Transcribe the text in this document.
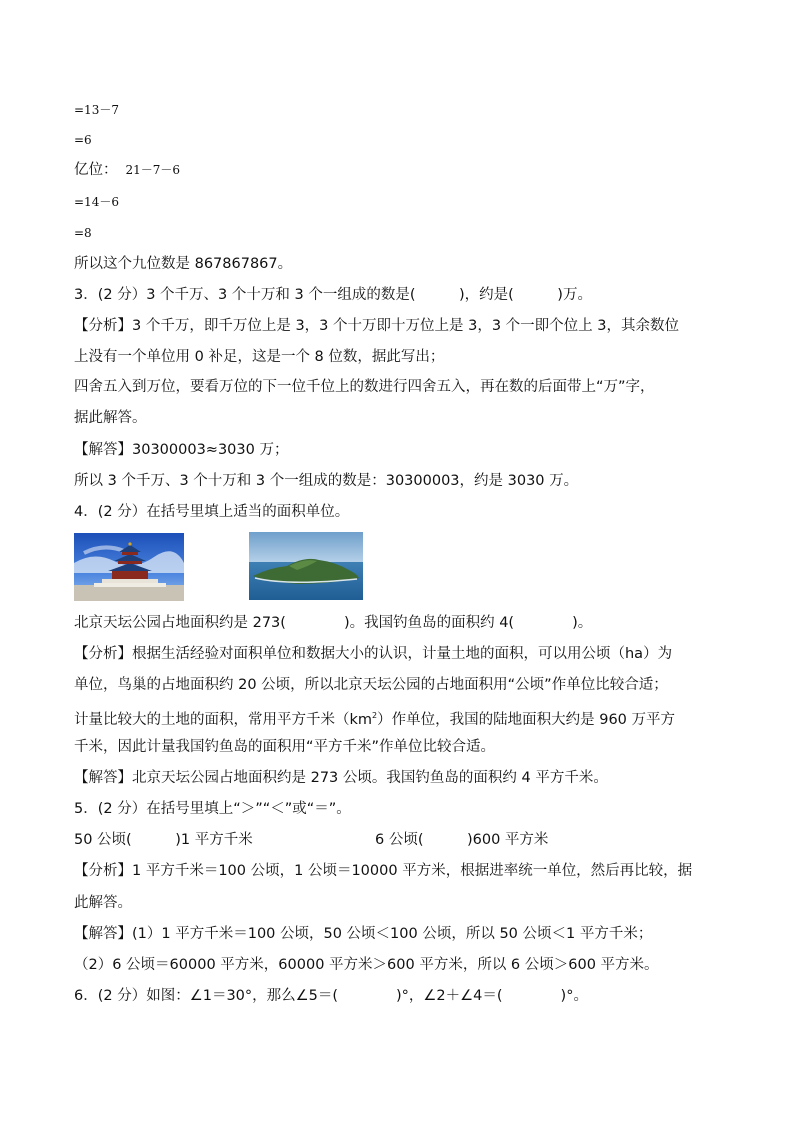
=13－7
=6
亿位： 21－7－6
=14－6
=8
所以这个九位数是 867867867。
3．(2 分）3 个千万、3 个十万和 3 个一组成的数是(　　　)，约是(　　　)万。
【分析】3 个千万，即千万位上是 3，3 个十万即十万位上是 3，3 个一即个位上 3，其余数位
上没有一个单位用 0 补足，这是一个 8 位数，据此写出；
四舍五入到万位，要看万位的下一位千位上的数进行四舍五入，再在数的后面带上“万”字，
据此解答。
【解答】30300003≈3030 万；
所以 3 个千万、3 个十万和 3 个一组成的数是：30300003，约是 3030 万。
4．(2 分）在括号里填上适当的面积单位。
北京天坛公园占地面积约是 273(　　　　)。我国钓鱼岛的面积约 4(　　　　)。
【分析】根据生活经验对面积单位和数据大小的认识，计量土地的面积，可以用公顷（ha）为
单位，鸟巢的占地面积约 20 公顷，所以北京天坛公园的占地面积用“公顷”作单位比较合适；
计量比较大的土地的面积，常用平方千米$(km^2)$作单位，我国的陆地面积大约是 960 万平方
千米，因此计量我国钓鱼岛的面积用“平方千米”作单位比较合适。
【解答】北京天坛公园占地面积约是 273 公顷。我国钓鱼岛的面积约 4 平方千米。
5．(2 分）在括号里填上“＞”“＜”或“＝”。
50 公顷(　　　)1 平方千米	6 公顷(　　　)600 平方米
【分析】1 平方千米＝100 公顷，1 公顷＝10000 平方米，根据进率统一单位，然后再比较，据
此解答。
【解答】(1）1 平方千米＝100 公顷，50 公顷＜100 公顷，所以 50 公顷＜1 平方千米；
（2）6 公顷＝60000 平方米，60000 平方米＞600 平方米，所以 6 公顷＞600 平方米。
6．(2 分）如图：∠1＝30°，那么∠5＝(　　　　)°，∠2＋∠4＝(　　　　)°。
